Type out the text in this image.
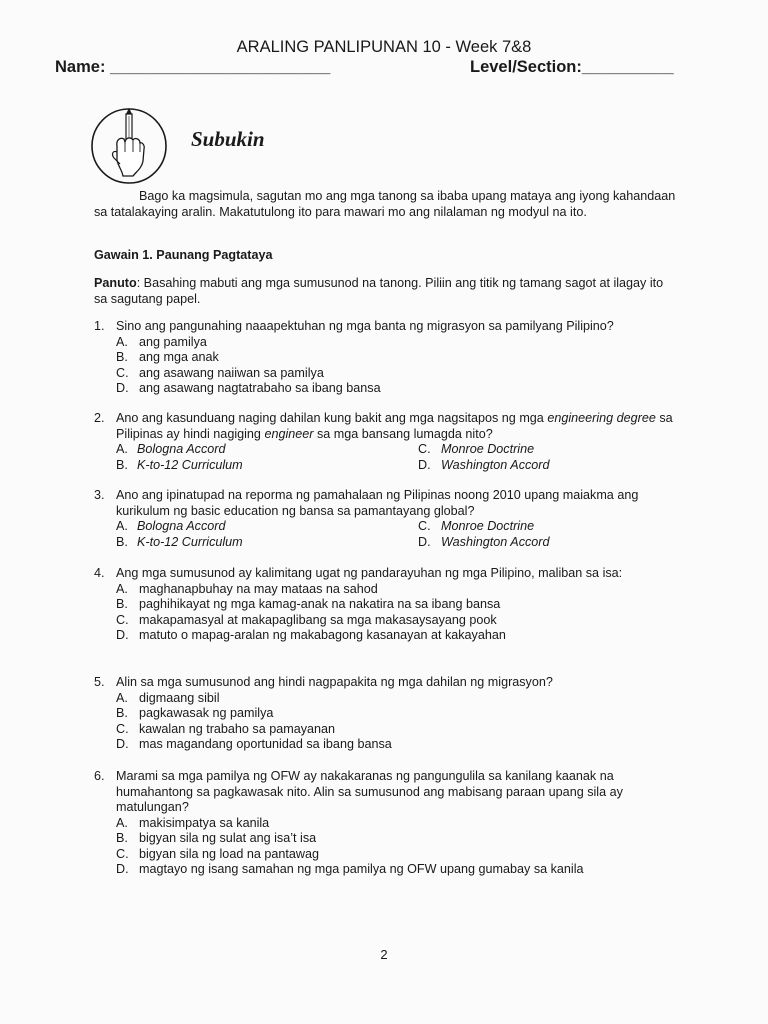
ARALING PANLIPUNAN 10 - Week 7&8
Name: ________________________	Level/Section:__________
Subukin
Bago ka magsimula, sagutan mo ang mga tanong sa ibaba upang mataya ang iyong kahandaan sa tatalakaying aralin. Makatutulong ito para mawari mo ang nilalaman ng modyul na ito.
Gawain 1. Paunang Pagtataya
Panuto: Basahing mabuti ang mga sumusunod na tanong. Piliin ang titik ng tamang sagot at ilagay ito sa sagutang papel.
1. Sino ang pangunahing naaapektuhan ng mga banta ng migrasyon sa pamilyang Pilipino?
A. ang pamilya
B. ang mga anak
C. ang asawang naiiwan sa pamilya
D. ang asawang nagtatrabaho sa ibang bansa
2. Ano ang kasunduang naging dahilan kung bakit ang mga nagsitapos ng mga engineering degree sa Pilipinas ay hindi nagiging engineer sa mga bansang lumagda nito?
A. Bologna Accord	C. Monroe Doctrine
B. K-to-12 Curriculum	D. Washington Accord
3. Ano ang ipinatupad na reporma ng pamahalaan ng Pilipinas noong 2010 upang maiakma ang kurikulum ng basic education ng bansa sa pamantayang global?
A. Bologna Accord	C. Monroe Doctrine
B. K-to-12 Curriculum	D. Washington Accord
4. Ang mga sumusunod ay kalimitang ugat ng pandarayuhan ng mga Pilipino, maliban sa isa:
A. maghanapbuhay na may mataas na sahod
B. paghihikayat ng mga kamag-anak na nakatira na sa ibang bansa
C. makapamasyal at makapaglibang sa mga makasaysayang pook
D. matuto o mapag-aralan ng makabagong kasanayan at kakayahan
5. Alin sa mga sumusunod ang hindi nagpapakita ng mga dahilan ng migrasyon?
A. digmaang sibil
B. pagkawasak ng pamilya
C. kawalan ng trabaho sa pamayanan
D. mas magandang oportunidad sa ibang bansa
6. Marami sa mga pamilya ng OFW ay nakakaranas ng pangungulila sa kanilang kaanak na humahantong sa pagkawasak nito. Alin sa sumusunod ang mabisang paraan upang sila ay matulungan?
A. makisimpatya sa kanila
B. bigyan sila ng sulat ang isa’t isa
C. bigyan sila ng load na pantawag
D. magtayo ng isang samahan ng mga pamilya ng OFW upang gumabay sa kanila
2
